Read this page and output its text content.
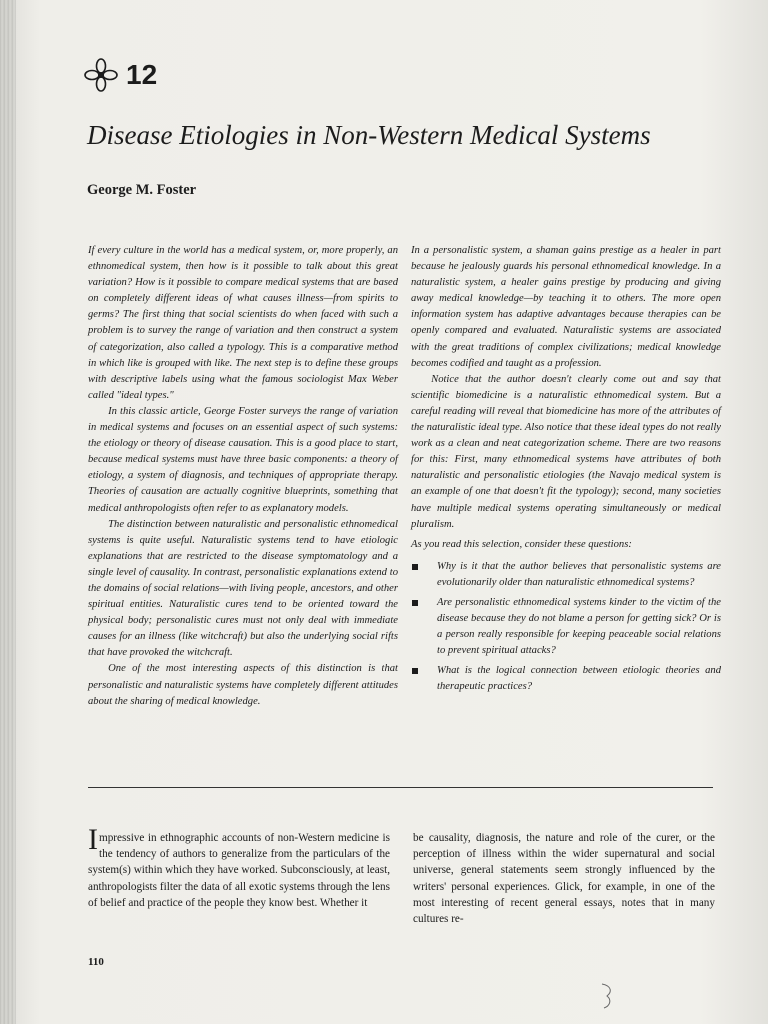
12
Disease Etiologies in Non-Western Medical Systems
George M. Foster

If every culture in the world has a medical system, or, more properly, an ethnomedical system, then how is it possible to talk about this great variation? How is it possible to compare medical systems that are based on completely different ideas of what causes illness—from spirits to germs? The first thing that social scientists do when faced with such a problem is to survey the range of variation and then construct a system of categorization, also called a typology. This is a comparative method in which like is grouped with like. The next step is to define these groups with descriptive labels using what the famous sociologist Max Weber called "ideal types."

In this classic article, George Foster surveys the range of variation in medical systems and focuses on an essential aspect of such systems: the etiology or theory of disease causation. This is a good place to start, because medical systems must have three basic components: a theory of etiology, a system of diagnosis, and techniques of appropriate therapy. Theories of causation are actually cognitive blueprints, something that medical anthropologists often refer to as explanatory models.

The distinction between naturalistic and personalistic ethnomedical systems is quite useful. Naturalistic systems tend to have etiologic explanations that are restricted to the disease symptomatology and a single level of causality. In contrast, personalistic explanations extend to the domains of social relations—with living people, ancestors, and other spiritual entities. Naturalistic cures tend to be oriented toward the physical body; personalistic cures must not only deal with immediate causes for an illness (like witchcraft) but also the underlying social rifts that have provoked the witchcraft.

One of the most interesting aspects of this distinction is that personalistic and naturalistic systems have completely different attitudes about the sharing of medical knowledge.

In a personalistic system, a shaman gains prestige as a healer in part because he jealously guards his personal ethnomedical knowledge. In a naturalistic system, a healer gains prestige by producing and giving away medical knowledge—by teaching it to others. The more open information system has adaptive advantages because therapies can be openly compared and evaluated. Naturalistic systems are associated with the great traditions of complex civilizations; medical knowledge becomes codified and taught as a profession.

Notice that the author doesn't clearly come out and say that scientific biomedicine is a naturalistic ethnomedical system. But a careful reading will reveal that biomedicine has more of the attributes of the naturalistic ideal type. Also notice that these ideal types do not really work as a clean and neat categorization scheme. There are two reasons for this: First, many ethnomedical systems have attributes of both naturalistic and personalistic etiologies (the Navajo medical system is an example of one that doesn't fit the typology); second, many societies have multiple medical systems operating simultaneously or medical pluralism.

As you read this selection, consider these questions:

Why is it that the author believes that personalistic systems are evolutionarily older than naturalistic ethnomedical systems?
Are personalistic ethnomedical systems kinder to the victim of the disease because they do not blame a person for getting sick? Or is a person really responsible for keeping peaceable social relations to prevent spiritual attacks?
What is the logical connection between etiologic theories and therapeutic practices?

Impressive in ethnographic accounts of non-Western medicine is the tendency of authors to generalize from the particulars of the system(s) within which they have worked. Subconsciously, at least, anthropologists filter the data of all exotic systems through the lens of belief and practice of the people they know best. Whether it

be causality, diagnosis, the nature and role of the curer, or the perception of illness within the wider supernatural and social universe, general statements seem strongly influenced by the writers' personal experiences. Glick, for example, in one of the most interesting of recent general essays, notes that in many cultures re-

110
